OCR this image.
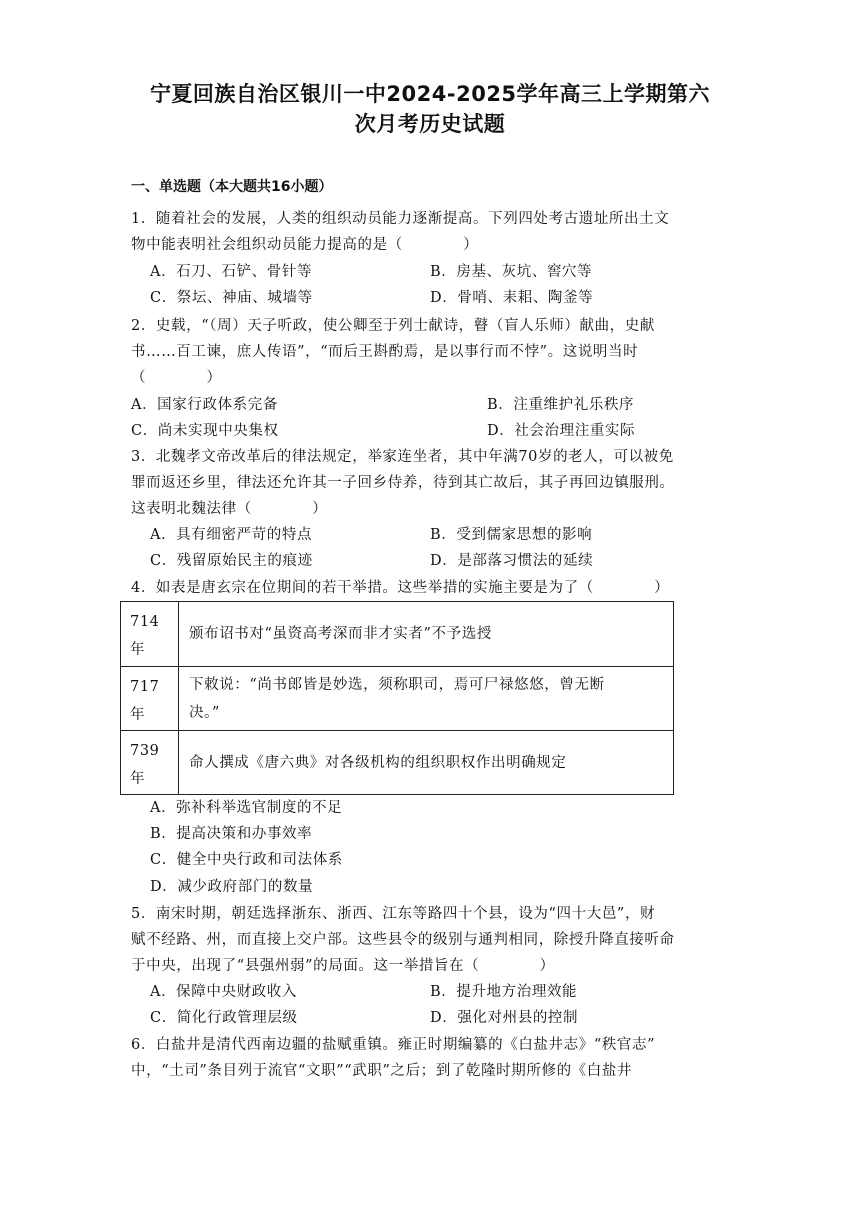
宁夏回族自治区银川一中2024-2025学年高三上学期第六
次月考历史试题
一、单选题（本大题共16小题）
1．随着社会的发展，人类的组织动员能力逐渐提高。下列四处考古遗址所出土文
物中能表明社会组织动员能力提高的是（　　　　）
A．石刀、石铲、骨针等	B．房基、灰坑、窖穴等
C．祭坛、神庙、城墙等	D．骨哨、耒耜、陶釜等
2．史载，“（周）天子听政，使公卿至于列士献诗，瞽（盲人乐师）献曲，史献
书……百工谏，庶人传语”，“而后王斟酌焉，是以事行而不悖”。这说明当时
（　　　　）
A．国家行政体系完备	B．注重维护礼乐秩序
C．尚未实现中央集权	D．社会治理注重实际
3．北魏孝文帝改革后的律法规定，举家连坐者，其中年满70岁的老人，可以被免
罪而返还乡里，律法还允许其一子回乡侍养，待到其亡故后，其子再回边镇服刑。
这表明北魏法律（　　　　）
A．具有细密严苛的特点	B．受到儒家思想的影响
C．残留原始民主的痕迹	D．是部落习惯法的延续
4．如表是唐玄宗在位期间的若干举措。这些举措的实施主要是为了（　　　　）
714
年	颁布诏书对“虽资高考深而非才实者”不予选授
717
年	下敕说：“尚书郎皆是妙选，须称职司，焉可尸禄悠悠，曾无断
决。”
739
年	命人撰成《唐六典》对各级机构的组织职权作出明确规定
A．弥补科举选官制度的不足
B．提高决策和办事效率
C．健全中央行政和司法体系
D．减少政府部门的数量
5．南宋时期，朝廷选择浙东、浙西、江东等路四十个县，设为“四十大邑”，财
赋不经路、州，而直接上交户部。这些县令的级别与通判相同，除授升降直接听命
于中央，出现了“县强州弱”的局面。这一举措旨在（　　　　）
A．保障中央财政收入	B．提升地方治理效能
C．简化行政管理层级	D．强化对州县的控制
6．白盐井是清代西南边疆的盐赋重镇。雍正时期编纂的《白盐井志》“秩官志”
中，“土司”条目列于流官“文职”“武职”之后；到了乾隆时期所修的《白盐井
